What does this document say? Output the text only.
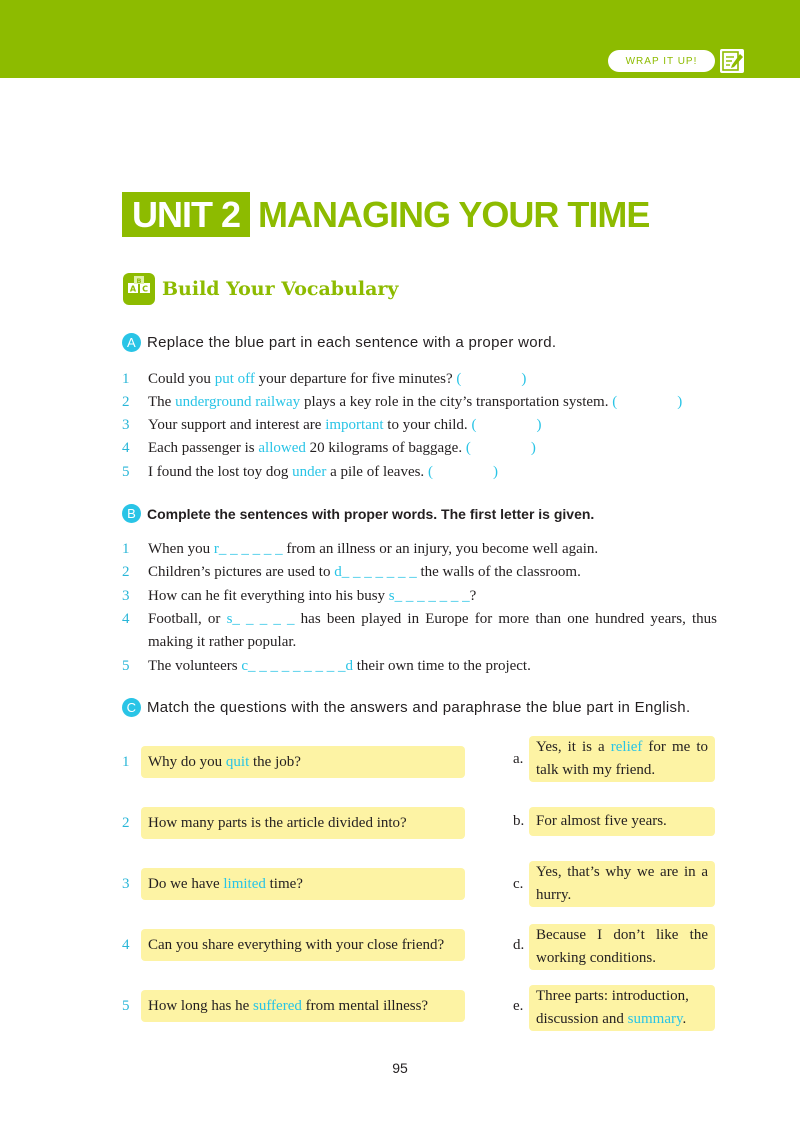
WRAP IT UP!
UNIT 2 MANAGING YOUR TIME
A C
B Build Your Vocabulary
A Replace the blue part in each sentence with a proper word.
1 Could you put off your departure for five minutes? (	)
2 The underground railway plays a key role in the city’s transportation system. (	)
3 Your support and interest are important to your child. (	)
4 Each passenger is allowed 20 kilograms of baggage. (	)
5 I found the lost toy dog under a pile of leaves. (	)
B Complete the sentences with proper words. The first letter is given.
1 When you r_ _ _ _ _ _ from an illness or an injury, you become well again.
2 Children’s pictures are used to d_ _ _ _ _ _ _ the walls of the classroom.
3 How can he fit everything into his busy s_ _ _ _ _ _ _?
4 Football, or s_ _ _ _ _ has been played in Europe for more than one hundred years, thus making it rather popular.
5 The volunteers c_ _ _ _ _ _ _ _ _d their own time to the project.
C Match the questions with the answers and paraphrase the blue part in English.
1 Why do you quit the job?
2 How many parts is the article divided into?
3 Do we have limited time?
4 Can you share everything with your close friend?
5 How long has he suffered from mental illness?
a.
Yes, it is a relief for me to talk with my friend.
b. For almost five years.
c.
Yes, that’s why we are in a hurry.
d.
Because I don’t like the working conditions.
e.
Three parts: introduction, discussion and summary.
95
